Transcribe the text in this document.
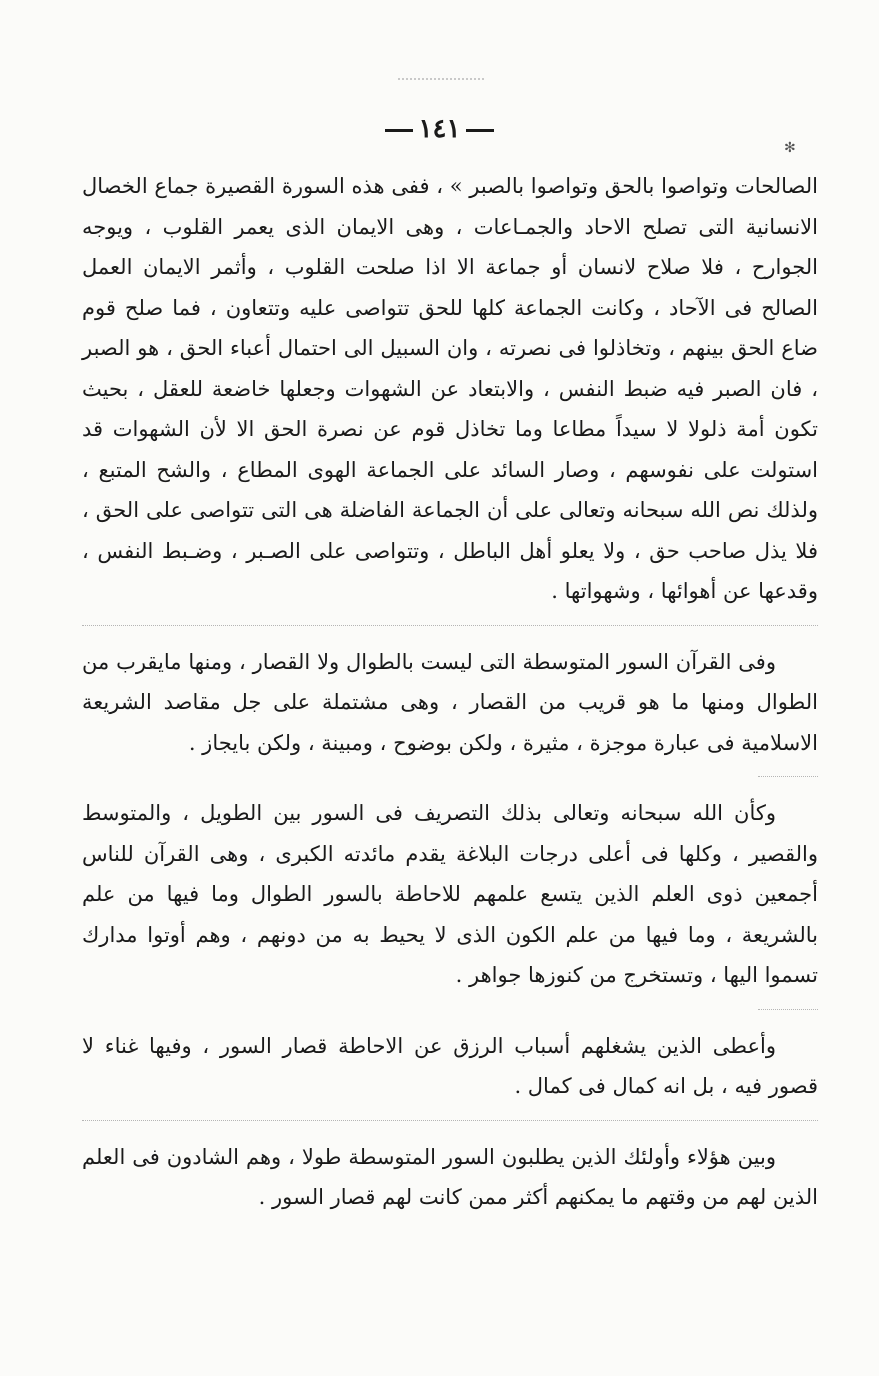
١٤١
✻

الصالحات وتواصوا بالحق وتواصوا بالصبر » ، ففى هذه السورة القصيرة جماع الخصال الانسانية التى تصلح الاحاد والجمـاعات ، وهى الايمان الذى يعمر القلوب ، ويوجه الجوارح ، فلا صلاح لانسان أو جماعة الا اذا صلحت القلوب ، وأثمر الايمان العمل الصالح فى الآحاد ، وكانت الجماعة كلها للحق تتواصى عليه وتتعاون ، فما صلح قوم ضاع الحق بينهم ، وتخاذلوا فى نصرته ، وان السبيل الى احتمال أعباء الحق ، هو الصبر ، فان الصبر فيه ضبط النفس ، والابتعاد عن الشهوات وجعلها خاضعة للعقل ، بحيث تكون أمة ذلولا لا سيداً مطاعا وما تخاذل قوم عن نصرة الحق الا لأن الشهوات قد استولت على نفوسهم ، وصار السائد على الجماعة الهوى المطاع ، والشح المتبع ، ولذلك نص الله سبحانه وتعالى على أن الجماعة الفاضلة هى التى تتواصى على الحق ، فلا يذل صاحب حق ، ولا يعلو أهل الباطل ، وتتواصى على الصـبر ، وضـبط النفس ، وقدعها عن أهوائها ، وشهواتها .

وفى القرآن السور المتوسطة التى ليست بالطوال ولا القصار ، ومنها مايقرب من الطوال ومنها ما هو قريب من القصار ، وهى مشتملة على جل مقاصد الشريعة الاسلامية فى عبارة موجزة ، مثيرة ، ولكن بوضوح ، ومبينة ، ولكن بايجاز .

وكأن الله سبحانه وتعالى بذلك التصريف فى السور بين الطويل ، والمتوسط والقصير ، وكلها فى أعلى درجات البلاغة يقدم مائدته الكبرى ، وهى القرآن للناس أجمعين ذوى العلم الذين يتسع علمهم للاحاطة بالسور الطوال وما فيها من علم بالشريعة ، وما فيها من علم الكون الذى لا يحيط به من دونهم ، وهم أوتوا مدارك تسموا اليها ، وتستخرج من كنوزها جواهر .

وأعطى الذين يشغلهم أسباب الرزق عن الاحاطة قصار السور ، وفيها غناء لا قصور فيه ، بل انه كمال فى كمال .

وبين هؤلاء وأولئك الذين يطلبون السور المتوسطة طولا ، وهم الشادون فى العلم الذين لهم من وقتهم ما يمكنهم أكثر ممن كانت لهم قصار السور .
